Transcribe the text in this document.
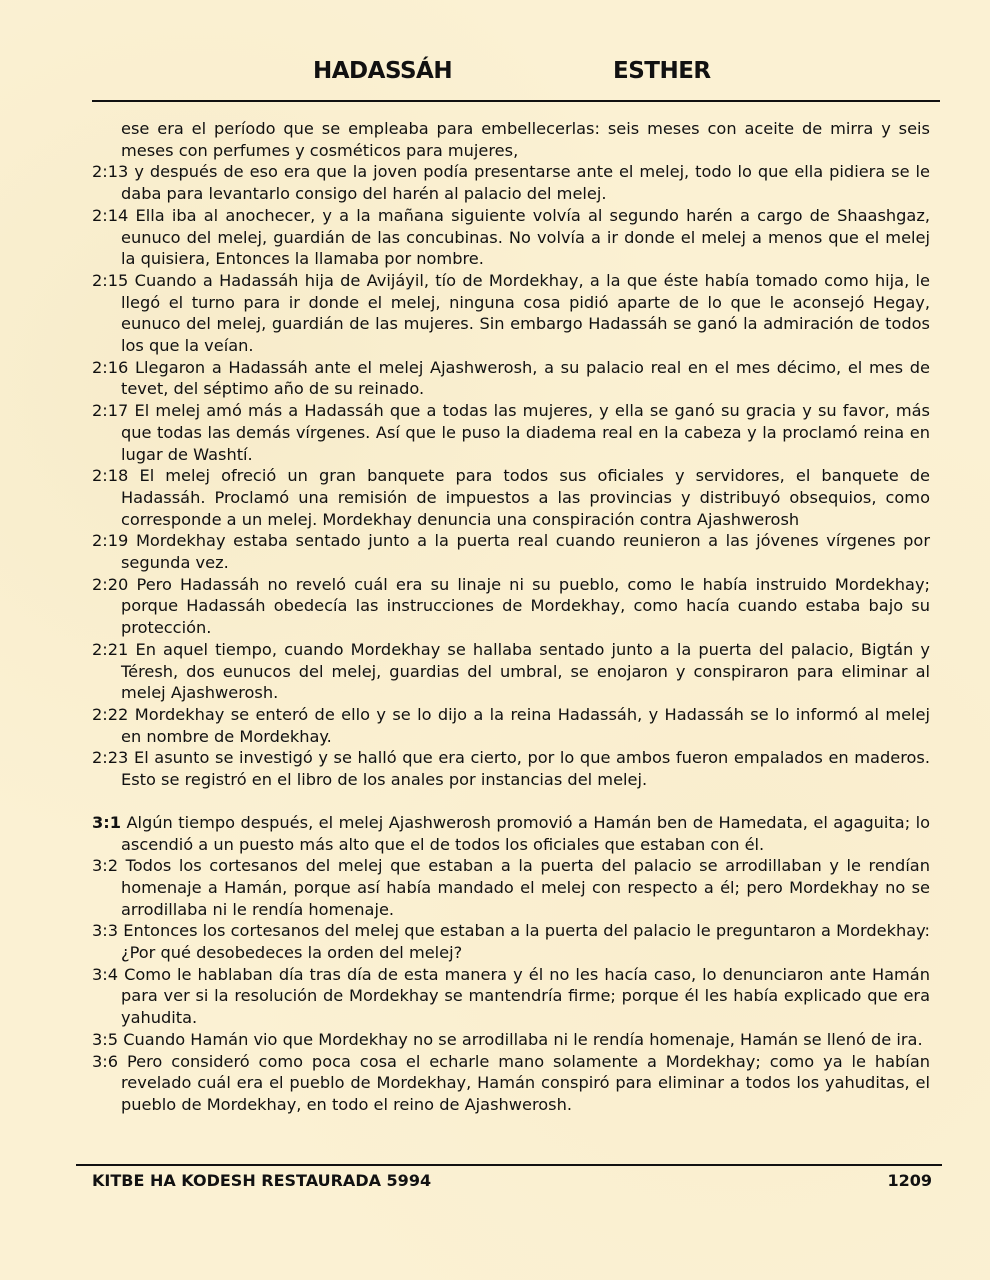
HADASSÁH	ESTHER

ese era el período que se empleaba para embellecerlas: seis meses con aceite de mirra y seis meses con perfumes y cosméticos para mujeres,

2:13 y después de eso era que la joven podía presentarse ante el melej, todo lo que ella pidiera se le daba para levantarlo consigo del harén al palacio del melej.

2:14 Ella iba al anochecer, y a la mañana siguiente volvía al segundo harén a cargo de Shaashgaz, eunuco del melej, guardián de las concubinas. No volvía a ir donde el melej a menos que el melej la quisiera, Entonces la llamaba por nombre.

2:15 Cuando a Hadassáh hija de Avijáyil, tío de Mordekhay, a la que éste había tomado como hija, le llegó el turno para ir donde el melej, ninguna cosa pidió aparte de lo que le aconsejó Hegay, eunuco del melej, guardián de las mujeres. Sin embargo Hadassáh se ganó la admiración de todos los que la veían.

2:16 Llegaron a Hadassáh ante el melej Ajashwerosh, a su palacio real en el mes décimo, el mes de tevet, del séptimo año de su reinado.

2:17 El melej amó más a Hadassáh que a todas las mujeres, y ella se ganó su gracia y su favor, más que todas las demás vírgenes. Así que le puso la diadema real en la cabeza y la proclamó reina en lugar de Washtí.

2:18 El melej ofreció un gran banquete para todos sus oficiales y servidores, el banquete de Hadassáh. Proclamó una remisión de impuestos a las provincias y distribuyó obsequios, como corresponde a un melej. Mordekhay denuncia una conspiración contra Ajashwerosh

2:19 Mordekhay estaba sentado junto a la puerta real cuando reunieron a las jóvenes vírgenes por segunda vez.

2:20 Pero Hadassáh no reveló cuál era su linaje ni su pueblo, como le había instruido Mordekhay; porque Hadassáh obedecía las instrucciones de Mordekhay, como hacía cuando estaba bajo su protección.

2:21 En aquel tiempo, cuando Mordekhay se hallaba sentado junto a la puerta del palacio, Bigtán y Téresh, dos eunucos del melej, guardias del umbral, se enojaron y conspiraron para eliminar al melej Ajashwerosh.

2:22 Mordekhay se enteró de ello y se lo dijo a la reina Hadassáh, y Hadassáh se lo informó al melej en nombre de Mordekhay.

2:23 El asunto se investigó y se halló que era cierto, por lo que ambos fueron empalados en maderos. Esto se registró en el libro de los anales por instancias del melej.

3:1 Algún tiempo después, el melej Ajashwerosh promovió a Hamán ben de Hamedata, el agaguita; lo ascendió a un puesto más alto que el de todos los oficiales que estaban con él.

3:2 Todos los cortesanos del melej que estaban a la puerta del palacio se arrodillaban y le rendían homenaje a Hamán, porque así había mandado el melej con respecto a él; pero Mordekhay no se arrodillaba ni le rendía homenaje.

3:3 Entonces los cortesanos del melej que estaban a la puerta del palacio le preguntaron a Mordekhay: ¿Por qué desobedeces la orden del melej?

3:4 Como le hablaban día tras día de esta manera y él no les hacía caso, lo denunciaron ante Hamán para ver si la resolución de Mordekhay se mantendría firme; porque él les había explicado que era yahudita.

3:5 Cuando Hamán vio que Mordekhay no se arrodillaba ni le rendía homenaje, Hamán se llenó de ira.

3:6 Pero consideró como poca cosa el echarle mano solamente a Mordekhay; como ya le habían revelado cuál era el pueblo de Mordekhay, Hamán conspiró para eliminar a todos los yahuditas, el pueblo de Mordekhay, en todo el reino de Ajashwerosh.

KITBE HA KODESH RESTAURADA 5994	1209
